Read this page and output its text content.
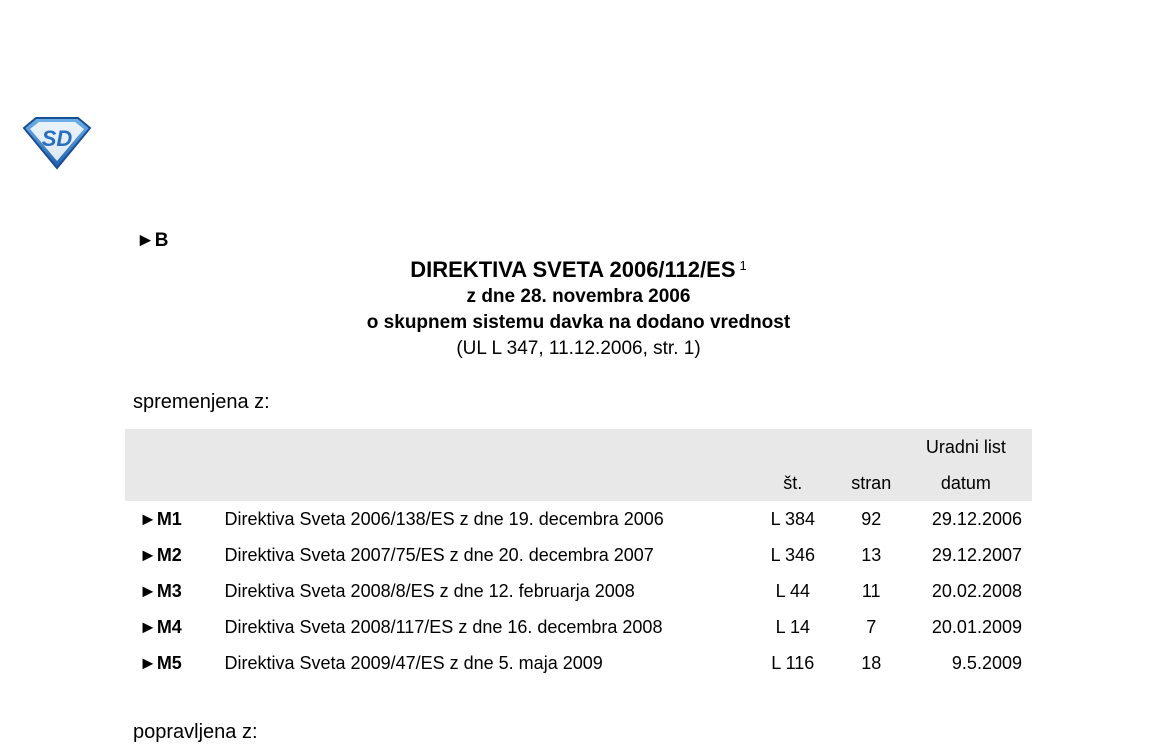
SD
►B
DIREKTIVA SVETA 2006/112/ES $^1$
z dne 28. novembra 2006
o skupnem sistemu davka na dodano vrednost
(UL L 347, 11.12.2006, str. 1)
spremenjena z:
				Uradni list
		št.	stran	datum
►M1	Direktiva Sveta 2006/138/ES z dne 19. decembra 2006	L 384	92	29.12.2006
►M2	Direktiva Sveta 2007/75/ES z dne 20. decembra 2007	L 346	13	29.12.2007
►M3	Direktiva Sveta 2008/8/ES z dne 12. februarja 2008	L 44	11	20.02.2008
►M4	Direktiva Sveta 2008/117/ES z dne 16. decembra 2008	L 14	7	20.01.2009
►M5	Direktiva Sveta 2009/47/ES z dne 5. maja 2009	L 116	18	9.5.2009
popravljena z:
